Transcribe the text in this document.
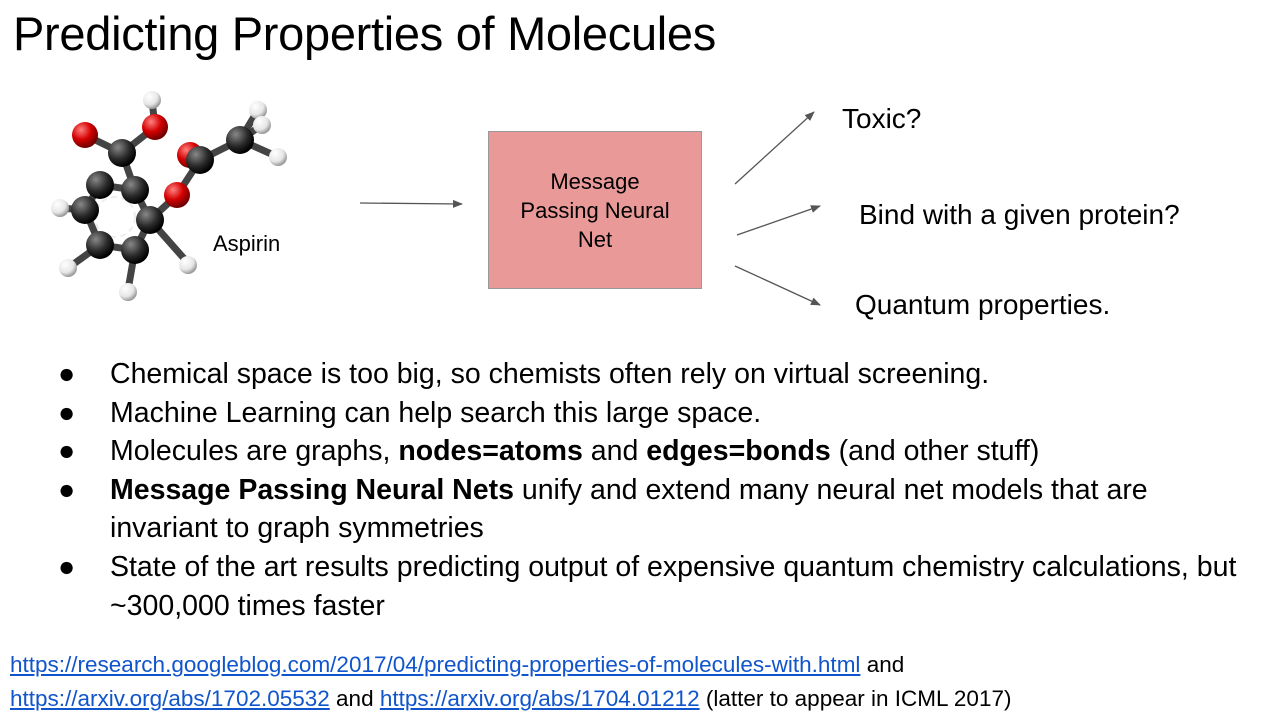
Predicting Properties of Molecules
Aspirin
Message
Passing Neural
Net
Toxic?
Bind with a given protein?
Quantum properties.
●	Chemical space is too big, so chemists often rely on virtual screening.
●	Machine Learning can help search this large space.
●	Molecules are graphs, nodes=atoms and edges=bonds (and other stuff)
●	Message Passing Neural Nets unify and extend many neural net models that are invariant to graph symmetries
●	State of the art results predicting output of expensive quantum chemistry calculations, but ~300,000 times faster
https://research.googleblog.com/2017/04/predicting-properties-of-molecules-with.html and
https://arxiv.org/abs/1702.05532 and https://arxiv.org/abs/1704.01212 (latter to appear in ICML 2017)
